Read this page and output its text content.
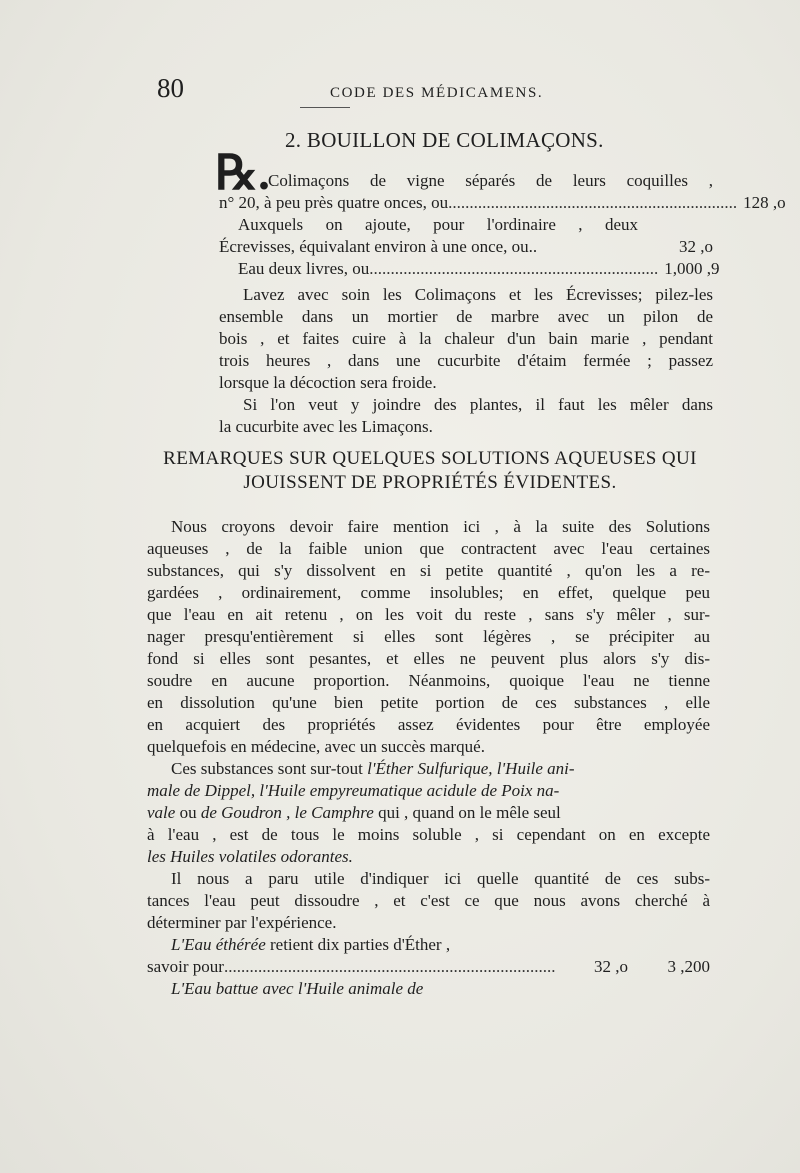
80	CODE DES MÉDICAMENS.
2. BOUILLON DE COLIMAÇONS.
℞.
Colimaçons de vigne séparés de leurs coquilles ,
n° 20, à peu près quatre onces, ou .................................................................... 128 ,o
Auxquels on ajoute, pour l'ordinaire , deux
Écrevisses, équivalant environ à une once, ou..	32 ,o
Eau deux livres, ou .................................................................... 1,000 ,9
Lavez avec soin les Colimaçons et les Écrevisses; pilez-les
ensemble dans un mortier de marbre avec un pilon de
bois , et faites cuire à la chaleur d'un bain marie , pendant
trois heures , dans une cucurbite d'étaim fermée ; passez
lorsque la décoction sera froide.
Si l'on veut y joindre des plantes, il faut les mêler dans
la cucurbite avec les Limaçons.
REMARQUES SUR QUELQUES SOLUTIONS AQUEUSES QUI
JOUISSENT DE PROPRIÉTÉS ÉVIDENTES.
Nous croyons devoir faire mention ici , à la suite des Solutions
aqueuses , de la faible union que contractent avec l'eau certaines
substances, qui s'y dissolvent en si petite quantité , qu'on les a re-
gardées , ordinairement, comme insolubles; en effet, quelque peu
que l'eau en ait retenu , on les voit du reste , sans s'y mêler , sur-
nager presqu'entièrement si elles sont légères , se précipiter au
fond si elles sont pesantes, et elles ne peuvent plus alors s'y dis-
soudre en aucune proportion. Néanmoins, quoique l'eau ne tienne
en dissolution qu'une bien petite portion de ces substances , elle
en acquiert des propriétés assez évidentes pour être employée
quelquefois en médecine, avec un succès marqué.
Ces substances sont sur-tout l'Éther Sulfurique, l'Huile ani-
male de Dippel, l'Huile empyreumatique acidule de Poix na-
vale ou de Goudron , le Camphre qui , quand on le mêle seul
à l'eau , est de tous le moins soluble , si cependant on en excepte
les Huiles volatiles odorantes.
Il nous a paru utile d'indiquer ici quelle quantité de ces subs-
tances l'eau peut dissoudre , et c'est ce que nous avons cherché à
déterminer par l'expérience.
L'Eau éthérée retient dix parties d'Éther ,
savoir pour ..............................................................................	32 ,o	3 ,200
L'Eau battue avec l'Huile animale de
